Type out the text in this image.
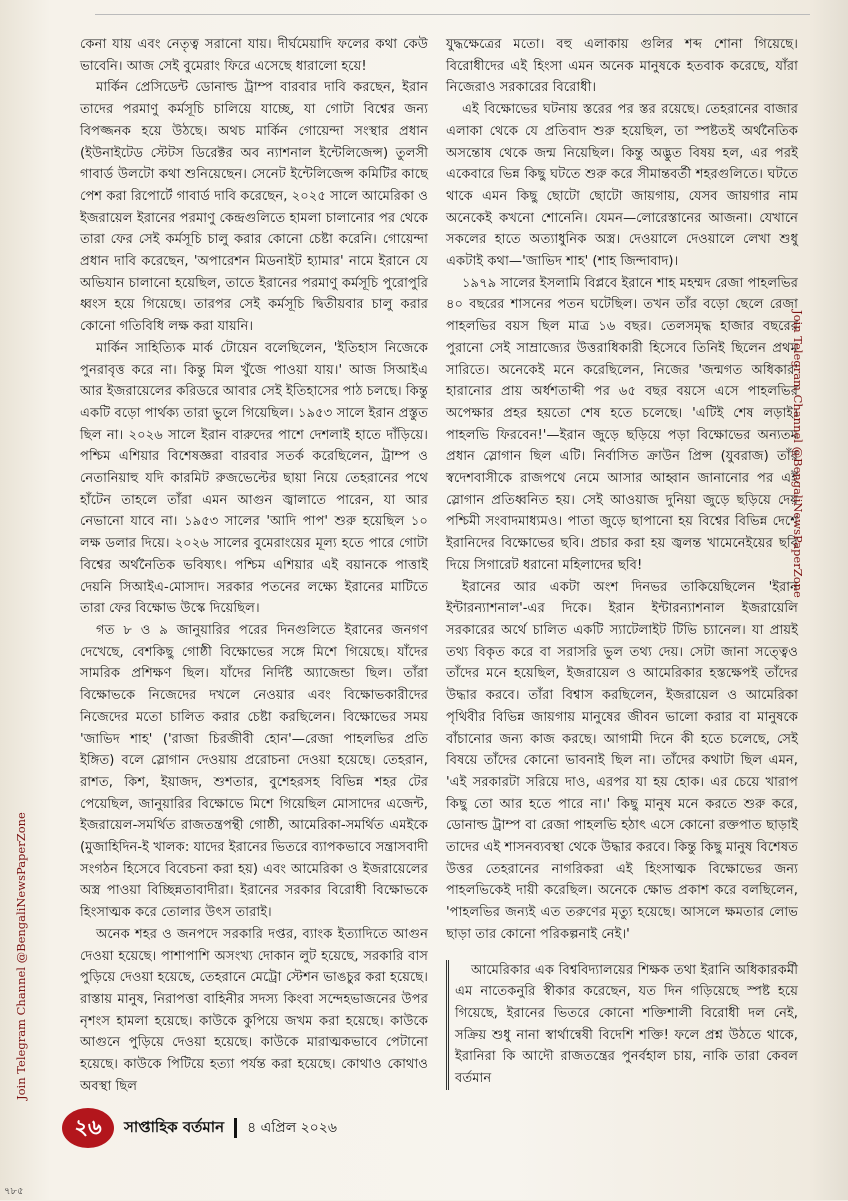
কেনা যায় এবং নেতৃত্ব সরানো যায়। দীর্ঘমেয়াদি ফলের কথা কেউ ভাবেনি। আজ সেই বুমেরাং ফিরে এসেছে ধারালো হয়ে!

মার্কিন প্রেসিডেন্ট ডোনাল্ড ট্রাম্প বারবার দাবি করছেন, ইরান তাদের পরমাণু কর্মসূচি চালিয়ে যাচ্ছে, যা গোটা বিশ্বের জন্য বিপজ্জনক হয়ে উঠছে। অথচ মার্কিন গোয়েন্দা সংস্থার প্রধান (ইউনাইটেড স্টেটস ডিরেক্টর অব ন্যাশনাল ইন্টেলিজেন্স) তুলসী গাবার্ড উলটো কথা শুনিয়েছেন। সেনেট ইন্টেলিজেন্স কমিটির কাছে পেশ করা রিপোর্টে গাবার্ড দাবি করেছেন, ২০২৫ সালে আমেরিকা ও ইজরায়েল ইরানের পরমাণু কেন্দ্রগুলিতে হামলা চালানোর পর থেকে তারা ফের সেই কর্মসূচি চালু করার কোনো চেষ্টা করেনি। গোয়েন্দা প্রধান দাবি করেছেন, 'অপারেশন মিডনাইট হ্যামার' নামে ইরানে যে অভিযান চালানো হয়েছিল, তাতে ইরানের পরমাণু কর্মসূচি পুরোপুরি ধ্বংস হয়ে গিয়েছে। তারপর সেই কর্মসূচি দ্বিতীয়বার চালু করার কোনো গতিবিধি লক্ষ করা যায়নি।

মার্কিন সাহিত্যিক মার্ক টোয়েন বলেছিলেন, 'ইতিহাস নিজেকে পুনরাবৃত্ত করে না। কিন্তু মিল খুঁজে পাওয়া যায়।' আজ সিআইএ আর ইজরায়েলের করিডরে আবার সেই ইতিহাসের পাঠ চলছে। কিন্তু একটি বড়ো পার্থক্য তারা ভুলে গিয়েছিল। ১৯৫৩ সালে ইরান প্রস্তুত ছিল না। ২০২৬ সালে ইরান বারুদের পাশে দেশলাই হাতে দাঁড়িয়ে। পশ্চিম এশিয়ার বিশেষজ্ঞরা বারবার সতর্ক করেছিলেন, ট্রাম্প ও নেতানিয়াহু যদি কারমিট রুজভেল্টের ছায়া নিয়ে তেহরানের পথে হাঁটেন তাহলে তাঁরা এমন আগুন জ্বালাতে পারেন, যা আর নেভানো যাবে না। ১৯৫৩ সালের 'আদি পাপ' শুরু হয়েছিল ১০ লক্ষ ডলার দিয়ে। ২০২৬ সালের বুমেরাংয়ের মূল্য হতে পারে গোটা বিশ্বের অর্থনৈতিক ভবিষ্যৎ। পশ্চিম এশিয়ার এই বয়ানকে পাত্তাই দেয়নি সিআইএ-মোসাদ। সরকার পতনের লক্ষ্যে ইরানের মাটিতে তারা ফের বিক্ষোভ উস্কে দিয়েছিল।

গত ৮ ও ৯ জানুয়ারির পরের দিনগুলিতে ইরানের জনগণ দেখেছে, বেশকিছু গোষ্ঠী বিক্ষোভের সঙ্গে মিশে গিয়েছে। যাঁদের সামরিক প্রশিক্ষণ ছিল। যাঁদের নির্দিষ্ট অ্যাজেন্ডা ছিল। তাঁরা বিক্ষোভকে নিজেদের দখলে নেওয়ার এবং বিক্ষোভকারীদের নিজেদের মতো চালিত করার চেষ্টা করছিলেন। বিক্ষোভের সময় 'জাভিদ শাহ' ('রাজা চিরজীবী হোন'—রেজা পাহলভির প্রতি ইঙ্গিত) বলে স্লোগান দেওয়ায় প্ররোচনা দেওয়া হয়েছে। তেহরান, রাশত, কিশ, ইয়াজদ, শুশতার, বুশেহরসহ বিভিন্ন শহর টের পেয়েছিল, জানুয়ারির বিক্ষোভে মিশে গিয়েছিল মোসাদের এজেন্ট, ইজরায়েল-সমর্থিত রাজতন্ত্রপন্থী গোষ্ঠী, আমেরিকা-সমর্থিত এমইকে (মুজাহিদিন-ই খালক: যাদের ইরানের ভিতরে ব্যাপকভাবে সন্ত্রাসবাদী সংগঠন হিসেবে বিবেচনা করা হয়) এবং আমেরিকা ও ইজরায়েলের অস্ত্র পাওয়া বিচ্ছিন্নতাবাদীরা। ইরানের সরকার বিরোধী বিক্ষোভকে হিংসাত্মক করে তোলার উৎস তারাই।

অনেক শহর ও জনপদে সরকারি দপ্তর, ব্যাংক ইত্যাদিতে আগুন দেওয়া হয়েছে। পাশাপাশি অসংখ্য দোকান লুট হয়েছে, সরকারি বাস পুড়িয়ে দেওয়া হয়েছে, তেহরানে মেট্রো স্টেশন ভাঙচুর করা হয়েছে। রাস্তায় মানুষ, নিরাপত্তা বাহিনীর সদস্য কিংবা সন্দেহভাজনের উপর নৃশংস হামলা হয়েছে। কাউকে কুপিয়ে জখম করা হয়েছে। কাউকে আগুনে পুড়িয়ে দেওয়া হয়েছে। কাউকে মারাত্মকভাবে পেটানো হয়েছে। কাউকে পিটিয়ে হত্যা পর্যন্ত করা হয়েছে। কোথাও কোথাও অবস্থা ছিল

যুদ্ধক্ষেত্রের মতো। বহু এলাকায় গুলির শব্দ শোনা গিয়েছে। বিরোধীদের এই হিংসা এমন অনেক মানুষকে হতবাক করেছে, যাঁরা নিজেরাও সরকারের বিরোধী।

এই বিক্ষোভের ঘটনায় স্তরের পর স্তর রয়েছে। তেহরানের বাজার এলাকা থেকে যে প্রতিবাদ শুরু হয়েছিল, তা স্পষ্টতই অর্থনৈতিক অসন্তোষ থেকে জন্ম নিয়েছিল। কিন্তু অদ্ভুত বিষয় হল, এর পরই একেবারে ভিন্ন কিছু ঘটতে শুরু করে সীমান্তবর্তী শহরগুলিতে। ঘটতে থাকে এমন কিছু ছোটো ছোটো জায়গায়, যেসব জায়গার নাম অনেকেই কখনো শোনেনি। যেমন—লোরেস্তানের আজনা। যেখানে সকলের হাতে অত্যাধুনিক অস্ত্র। দেওয়ালে দেওয়ালে লেখা শুধু একটাই কথা—'জাভিদ শাহ' (শাহ জিন্দাবাদ)।

১৯৭৯ সালের ইসলামি বিপ্লবে ইরানে শাহ মহম্মদ রেজা পাহলভির ৪০ বছরের শাসনের পতন ঘটেছিল। তখন তাঁর বড়ো ছেলে রেজা পাহলভির বয়স ছিল মাত্র ১৬ বছর। তেলসমৃদ্ধ হাজার বছরের পুরানো সেই সাম্রাজ্যের উত্তরাধিকারী হিসেবে তিনিই ছিলেন প্রথম সারিতে। অনেকেই মনে করেছিলেন, নিজের 'জন্মগত অধিকার' হারানোর প্রায় অর্ধশতাব্দী পর ৬৫ বছর বয়সে এসে পাহলভির অপেক্ষার প্রহর হয়তো শেষ হতে চলেছে। 'এটিই শেষ লড়াই। পাহলভি ফিরবেন!'—ইরান জুড়ে ছড়িয়ে পড়া বিক্ষোভের অন্যতম প্রধান স্লোগান ছিল এটি। নির্বাসিত ক্রাউন প্রিন্স (যুবরাজ) তাঁর স্বদেশবাসীকে রাজপথে নেমে আসার আহ্বান জানানোর পর এই স্লোগান প্রতিধ্বনিত হয়। সেই আওয়াজ দুনিয়া জুড়ে ছড়িয়ে দেয় পশ্চিমী সংবাদমাধ্যমও। পাতা জুড়ে ছাপানো হয় বিশ্বের বিভিন্ন দেশে ইরানিদের বিক্ষোভের ছবি। প্রচার করা হয় জ্বলন্ত খামেনেইয়ের ছবি দিয়ে সিগারেট ধরানো মহিলাদের ছবি!

ইরানের আর একটা অংশ দিনভর তাকিয়েছিলেন 'ইরান ইন্টারন্যাশনাল'-এর দিকে। ইরান ইন্টারন্যাশনাল ইজরায়েলি সরকারের অর্থে চালিত একটি স্যাটেলাইট টিভি চ্যানেল। যা প্রায়ই তথ্য বিকৃত করে বা সরাসরি ভুল তথ্য দেয়। সেটা জানা সত্ত্বেও তাঁদের মনে হয়েছিল, ইজরায়েল ও আমেরিকার হস্তক্ষেপই তাঁদের উদ্ধার করবে। তাঁরা বিশ্বাস করছিলেন, ইজরায়েল ও আমেরিকা পৃথিবীর বিভিন্ন জায়গায় মানুষের জীবন ভালো করার বা মানুষকে বাঁচানোর জন্য কাজ করছে। আগামী দিনে কী হতে চলেছে, সেই বিষয়ে তাঁদের কোনো ভাবনাই ছিল না। তাঁদের কথাটা ছিল এমন, 'এই সরকারটা সরিয়ে দাও, এরপর যা হয় হোক। এর চেয়ে খারাপ কিছু তো আর হতে পারে না।' কিছু মানুষ মনে করতে শুরু করে, ডোনাল্ড ট্রাম্প বা রেজা পাহলভি হঠাৎ এসে কোনো রক্তপাত ছাড়াই তাদের এই শাসনব্যবস্থা থেকে উদ্ধার করবে। কিন্তু কিছু মানুষ বিশেষত উত্তর তেহরানের নাগরিকরা এই হিংসাত্মক বিক্ষোভের জন্য পাহলভিকেই দায়ী করেছিল। অনেকে ক্ষোভ প্রকাশ করে বলছিলেন, 'পাহলভির জন্যই এত তরুণের মৃত্যু হয়েছে। আসলে ক্ষমতার লোভ ছাড়া তার কোনো পরিকল্পনাই নেই।'

আমেরিকার এক বিশ্ববিদ্যালয়ের শিক্ষক তথা ইরানি অধিকারকর্মী এম নাতেকনুরি স্বীকার করেছেন, যত দিন গড়িয়েছে স্পষ্ট হয়ে গিয়েছে, ইরানের ভিতরে কোনো শক্তিশালী বিরোধী দল নেই, সক্রিয় শুধু নানা স্বার্থান্বেষী বিদেশি শক্তি! ফলে প্রশ্ন উঠতে থাকে, ইরানিরা কি আদৌ রাজতন্ত্রের পুনর্বহাল চায়, নাকি তারা কেবল বর্তমান

Join Telegram Channel @BengaliNewsPaperZone
Join Telegram Channel @BengaliNewsPaperZone
২৬	সাপ্তাহিক বর্তমান ৪ এপ্রিল ২০২৬
৭৮৫
